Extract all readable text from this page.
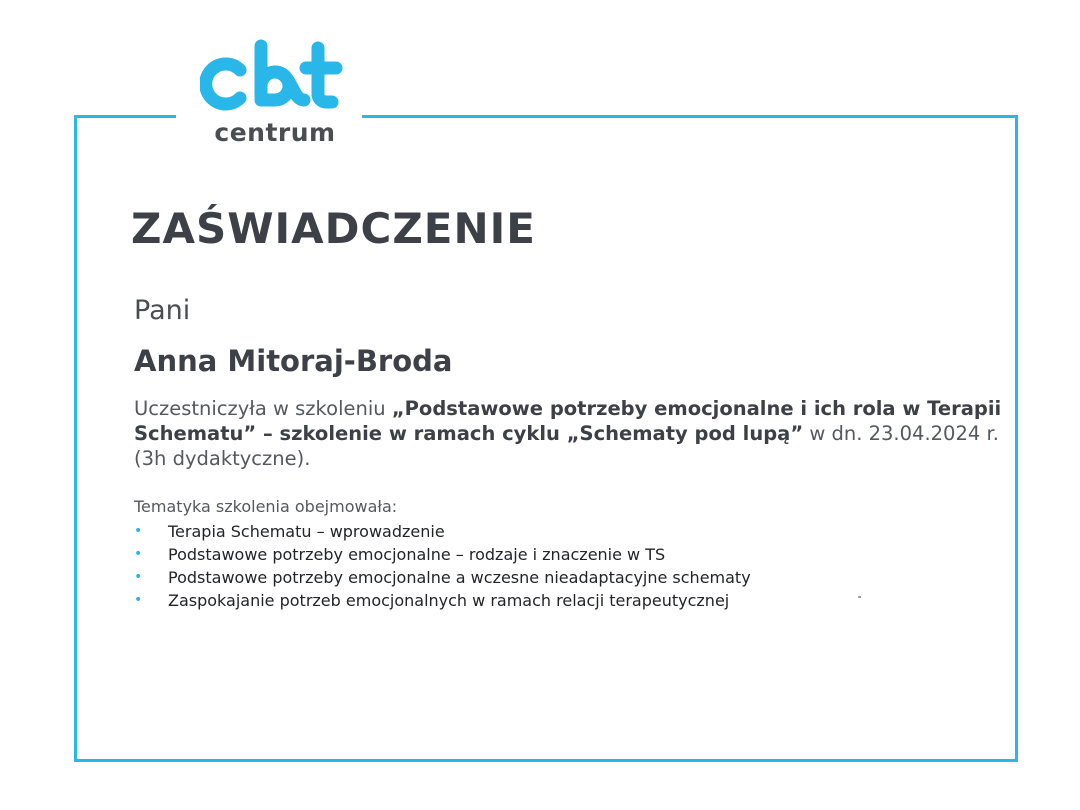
centrum
ZAŚWIADCZENIE
Pani
Anna Mitoraj-Broda
Uczestniczyła w szkoleniu „Podstawowe potrzeby emocjonalne i ich rola w Terapii Schematu” – szkolenie w ramach cyklu „Schematy pod lupą” w dn. 23.04.2024 r. (3h dydaktyczne).
Tematyka szkolenia obejmowała:
• Terapia Schematu – wprowadzenie
• Podstawowe potrzeby emocjonalne – rodzaje i znaczenie w TS
• Podstawowe potrzeby emocjonalne a wczesne nieadaptacyjne schematy
• Zaspokajanie potrzeb emocjonalnych w ramach relacji terapeutycznej
